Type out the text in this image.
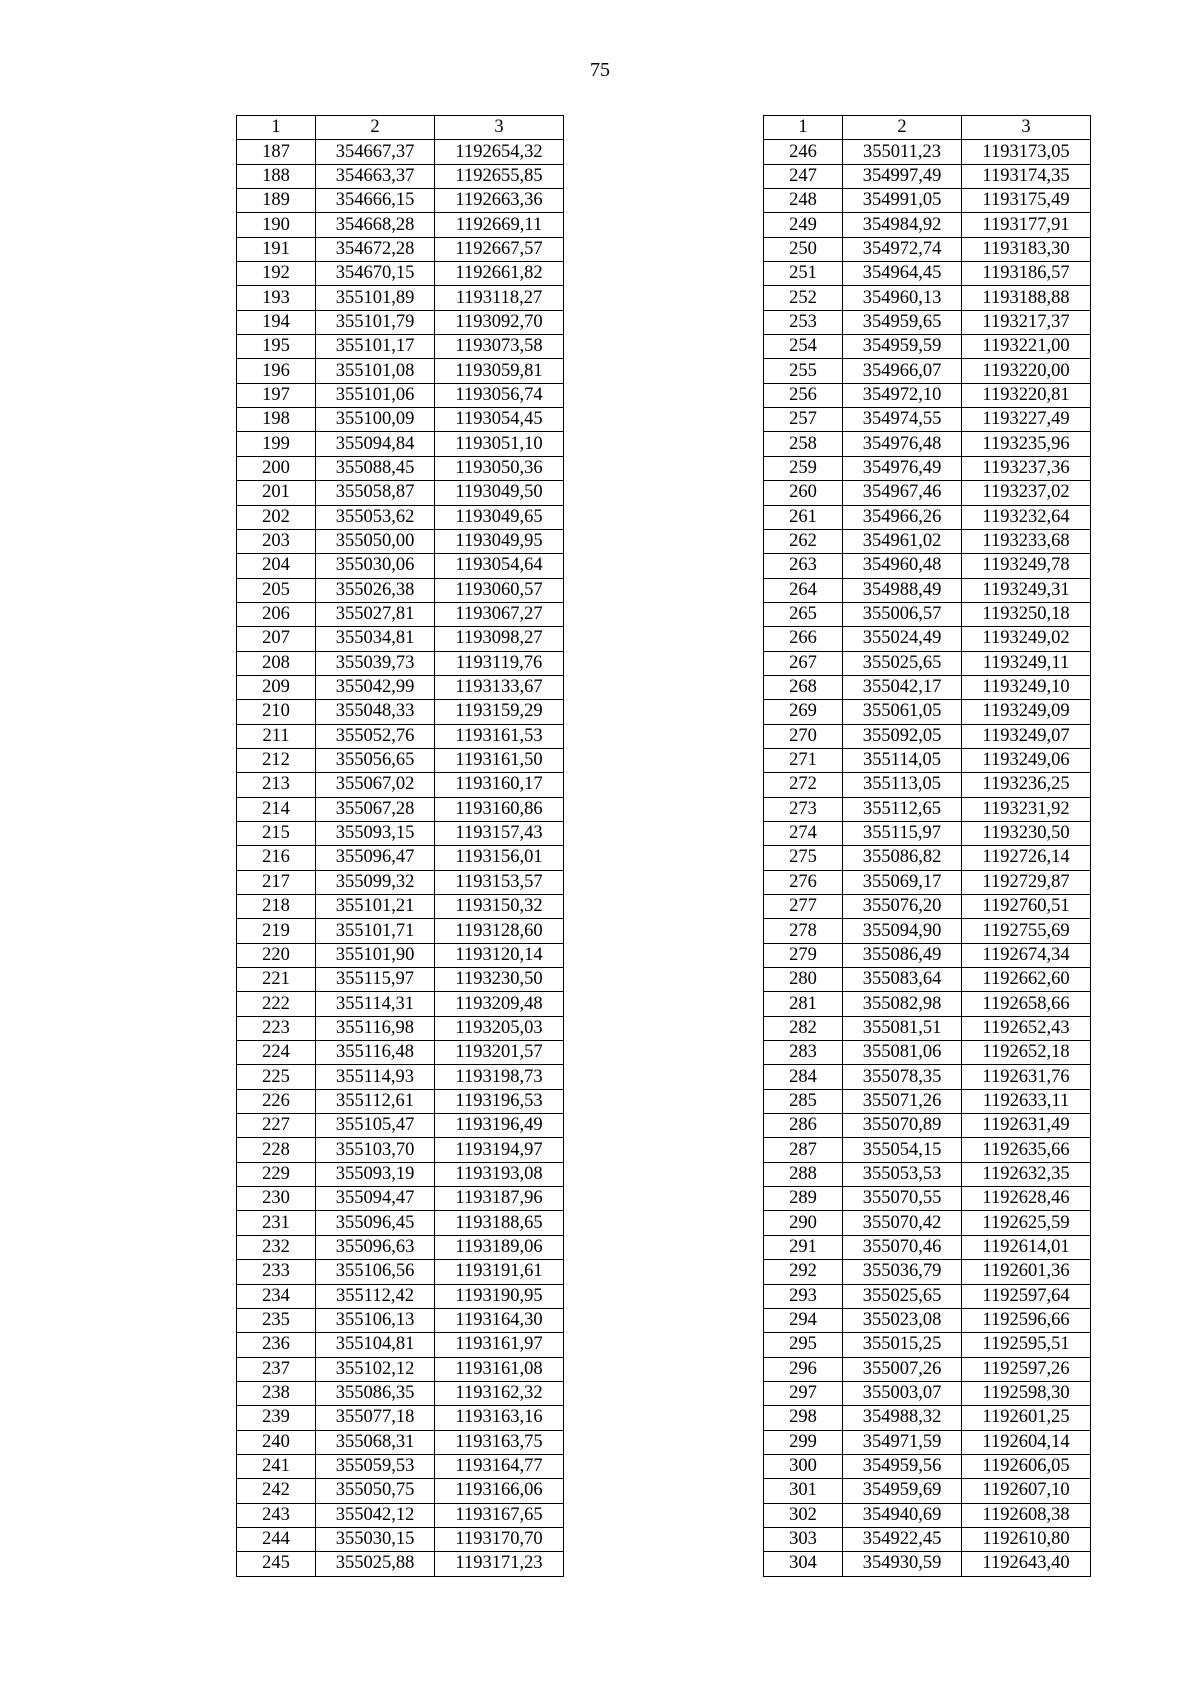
75
1	2	3
187	354667,37	1192654,32
188	354663,37	1192655,85
189	354666,15	1192663,36
190	354668,28	1192669,11
191	354672,28	1192667,57
192	354670,15	1192661,82
193	355101,89	1193118,27
194	355101,79	1193092,70
195	355101,17	1193073,58
196	355101,08	1193059,81
197	355101,06	1193056,74
198	355100,09	1193054,45
199	355094,84	1193051,10
200	355088,45	1193050,36
201	355058,87	1193049,50
202	355053,62	1193049,65
203	355050,00	1193049,95
204	355030,06	1193054,64
205	355026,38	1193060,57
206	355027,81	1193067,27
207	355034,81	1193098,27
208	355039,73	1193119,76
209	355042,99	1193133,67
210	355048,33	1193159,29
211	355052,76	1193161,53
212	355056,65	1193161,50
213	355067,02	1193160,17
214	355067,28	1193160,86
215	355093,15	1193157,43
216	355096,47	1193156,01
217	355099,32	1193153,57
218	355101,21	1193150,32
219	355101,71	1193128,60
220	355101,90	1193120,14
221	355115,97	1193230,50
222	355114,31	1193209,48
223	355116,98	1193205,03
224	355116,48	1193201,57
225	355114,93	1193198,73
226	355112,61	1193196,53
227	355105,47	1193196,49
228	355103,70	1193194,97
229	355093,19	1193193,08
230	355094,47	1193187,96
231	355096,45	1193188,65
232	355096,63	1193189,06
233	355106,56	1193191,61
234	355112,42	1193190,95
235	355106,13	1193164,30
236	355104,81	1193161,97
237	355102,12	1193161,08
238	355086,35	1193162,32
239	355077,18	1193163,16
240	355068,31	1193163,75
241	355059,53	1193164,77
242	355050,75	1193166,06
243	355042,12	1193167,65
244	355030,15	1193170,70
245	355025,88	1193171,23
1	2	3
246	355011,23	1193173,05
247	354997,49	1193174,35
248	354991,05	1193175,49
249	354984,92	1193177,91
250	354972,74	1193183,30
251	354964,45	1193186,57
252	354960,13	1193188,88
253	354959,65	1193217,37
254	354959,59	1193221,00
255	354966,07	1193220,00
256	354972,10	1193220,81
257	354974,55	1193227,49
258	354976,48	1193235,96
259	354976,49	1193237,36
260	354967,46	1193237,02
261	354966,26	1193232,64
262	354961,02	1193233,68
263	354960,48	1193249,78
264	354988,49	1193249,31
265	355006,57	1193250,18
266	355024,49	1193249,02
267	355025,65	1193249,11
268	355042,17	1193249,10
269	355061,05	1193249,09
270	355092,05	1193249,07
271	355114,05	1193249,06
272	355113,05	1193236,25
273	355112,65	1193231,92
274	355115,97	1193230,50
275	355086,82	1192726,14
276	355069,17	1192729,87
277	355076,20	1192760,51
278	355094,90	1192755,69
279	355086,49	1192674,34
280	355083,64	1192662,60
281	355082,98	1192658,66
282	355081,51	1192652,43
283	355081,06	1192652,18
284	355078,35	1192631,76
285	355071,26	1192633,11
286	355070,89	1192631,49
287	355054,15	1192635,66
288	355053,53	1192632,35
289	355070,55	1192628,46
290	355070,42	1192625,59
291	355070,46	1192614,01
292	355036,79	1192601,36
293	355025,65	1192597,64
294	355023,08	1192596,66
295	355015,25	1192595,51
296	355007,26	1192597,26
297	355003,07	1192598,30
298	354988,32	1192601,25
299	354971,59	1192604,14
300	354959,56	1192606,05
301	354959,69	1192607,10
302	354940,69	1192608,38
303	354922,45	1192610,80
304	354930,59	1192643,40
